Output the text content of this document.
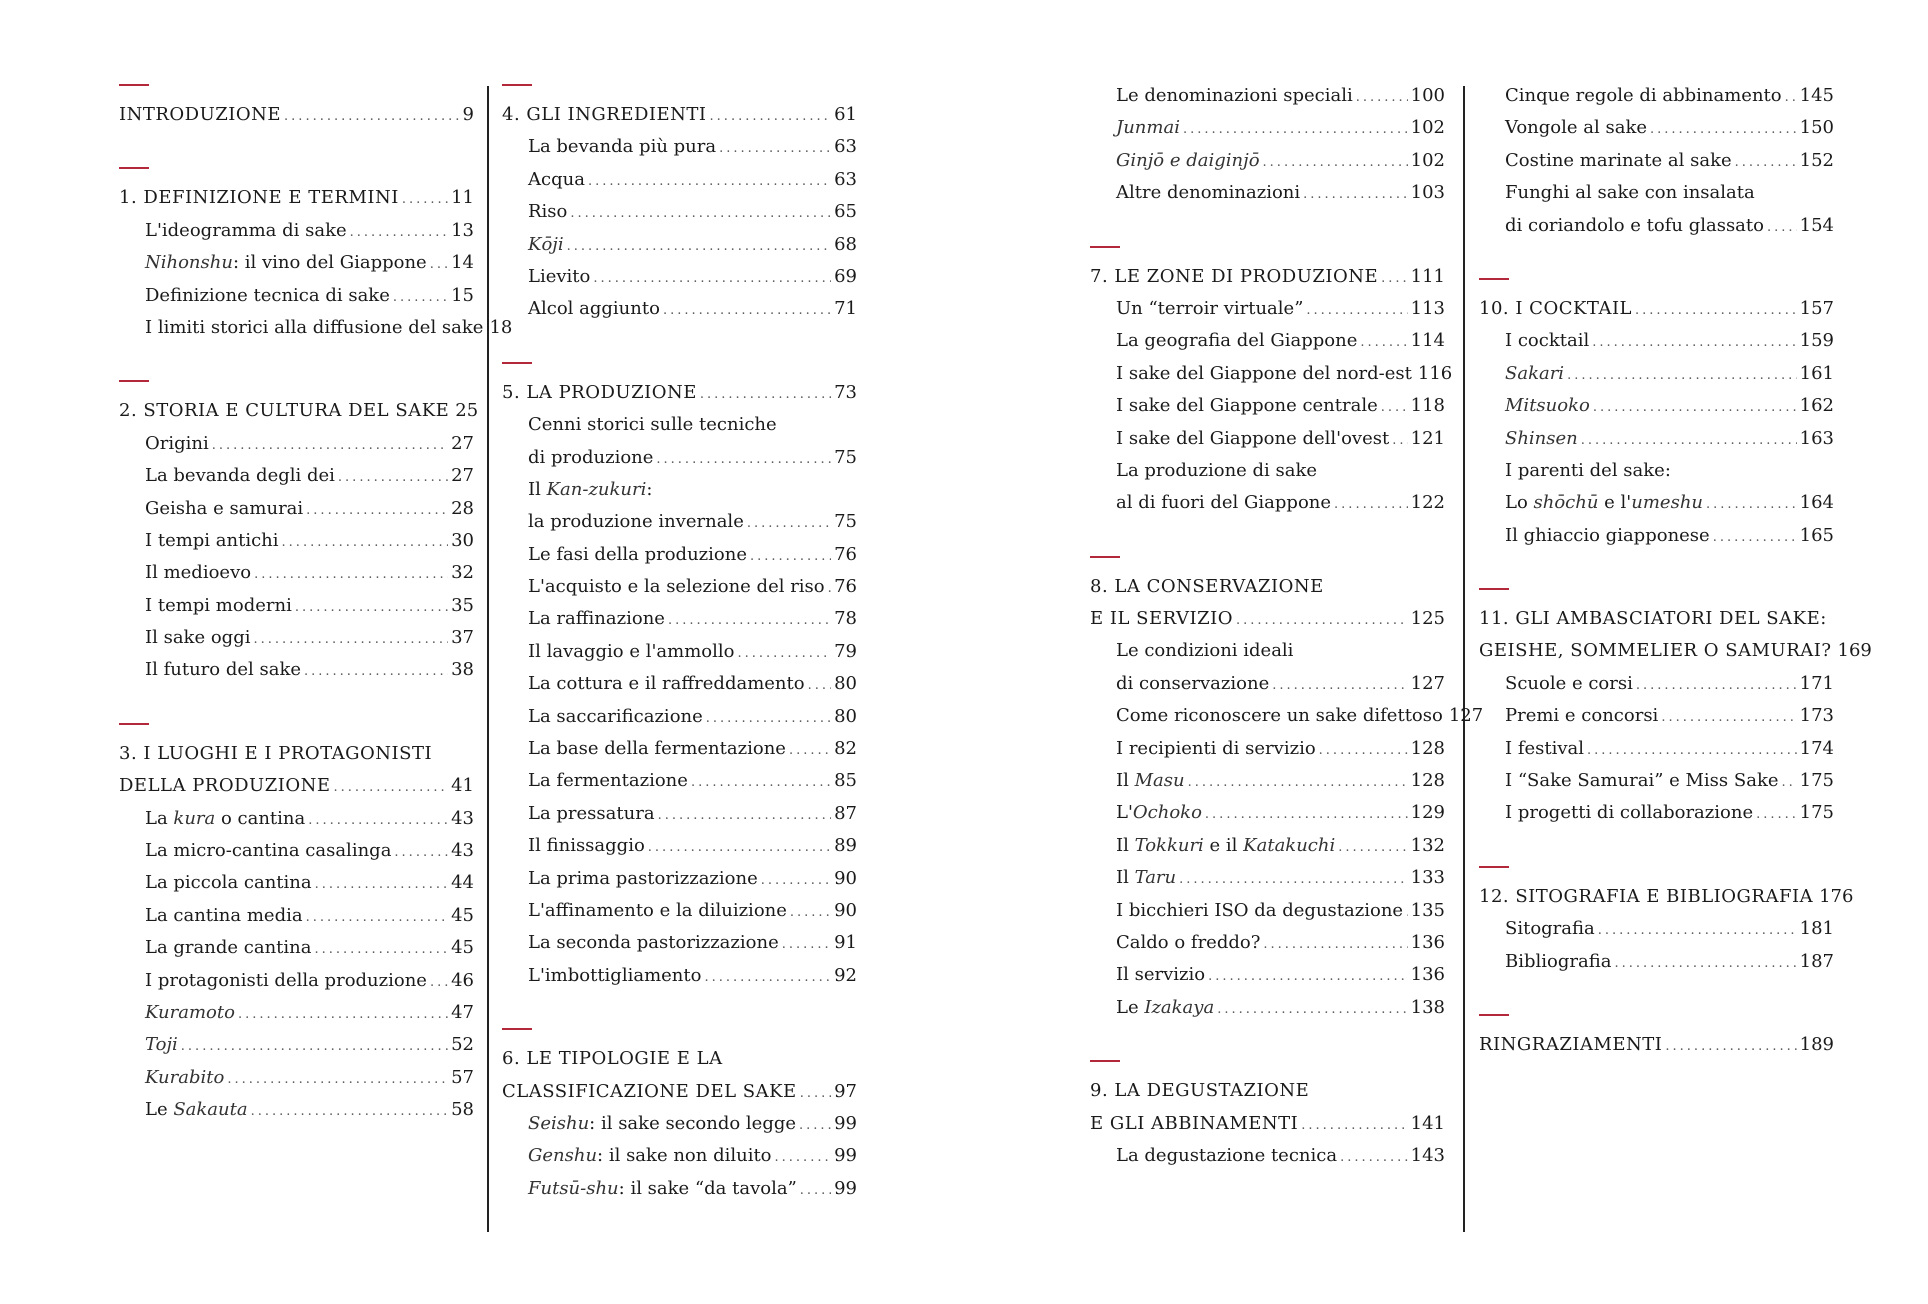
INTRODUZIONE .....	9
1. DEFINIZIONE E TERMINI .....	11
L'ideogramma di sake .....	13
Nihonshu: il vino del Giappone ..... 14
Definizione tecnica di sake .....	15
I limiti storici alla diffusione del sake 18
2. STORIA E CULTURA DEL SAKE 25
Origini .....	27
La bevanda degli dei .....	27
Geisha e samurai .....	28
I tempi antichi .....	30
Il medioevo .....	32
I tempi moderni .....	35
Il sake oggi .....	37
Il futuro del sake .....	38
3. I LUOGHI E I PROTAGONISTI
DELLA PRODUZIONE .....	41
La kura o cantina .....	43
La micro-cantina casalinga .....	43
La piccola cantina .....	44
La cantina media .....	45
La grande cantina .....	45
I protagonisti della produzione ..... 46
Kuramoto .....	47
Toji .....	52
Kurabito .....	57
Le Sakauta .....	58
4. GLI INGREDIENTI .....	61
La bevanda più pura .....	63
Acqua .....	63
Riso .....	65
Kōji .....	68
Lievito .....	69
Alcol aggiunto .....	71
5. LA PRODUZIONE .....	73
Cenni storici sulle tecniche
di produzione .....	75
Il Kan-zukuri:
la produzione invernale .....	75
Le fasi della produzione .....	76
L'acquisto e la selezione del riso ..... 76
La raffinazione .....	78
Il lavaggio e l'ammollo .....	79
La cottura e il raffreddamento ..... 80
La saccarificazione .....	80
La base della fermentazione .....	82
La fermentazione .....	85
La pressatura .....	87
Il finissaggio .....	89
La prima pastorizzazione .....	90
L'affinamento e la diluizione .....	90
La seconda pastorizzazione .....	91
L'imbottigliamento .....	92
6. LE TIPOLOGIE E LA
CLASSIFICAZIONE DEL SAKE ..... 97
Seishu: il sake secondo legge ..... 99
Genshu: il sake non diluito .....	99
Futsū-shu: il sake “da tavola” ..... 99
Le denominazioni speciali .....	100
Junmai .....	102
Ginjō e daiginjō .....	102
Altre denominazioni .....	103
7. LE ZONE DI PRODUZIONE ..... 111
Un “terroir virtuale” .....	113
La geografia del Giappone .....	114
I sake del Giappone del nord-est 116
I sake del Giappone centrale ..... 118
I sake del Giappone dell'ovest ..... 121
La produzione di sake
al di fuori del Giappone .....	122
8. LA CONSERVAZIONE
E IL SERVIZIO .....	125
Le condizioni ideali
di conservazione .....	127
Come riconoscere un sake difettoso 127
I recipienti di servizio .....	128
Il Masu .....	128
L'Ochoko .....	129
Il Tokkuri e il Katakuchi .....	132
Il Taru .....	133
I bicchieri ISO da degustazione ..... 135
Caldo o freddo? .....	136
Il servizio .....	136
Le Izakaya .....	138
9. LA DEGUSTAZIONE
E GLI ABBINAMENTI .....	141
La degustazione tecnica .....	143
Cinque regole di abbinamento ..... 145
Vongole al sake .....	150
Costine marinate al sake .....	152
Funghi al sake con insalata
di coriandolo e tofu glassato ..... 154
10. I COCKTAIL .....	157
I cocktail .....	159
Sakari .....	161
Mitsuoko .....	162
Shinsen .....	163
I parenti del sake:
Lo shōchū e l'umeshu .....	164
Il ghiaccio giapponese .....	165
11. GLI AMBASCIATORI DEL SAKE:
GEISHE, SOMMELIER O SAMURAI? 169
Scuole e corsi .....	171
Premi e concorsi .....	173
I festival .....	174
I “Sake Samurai” e Miss Sake ..... 175
I progetti di collaborazione .....	175
12. SITOGRAFIA E BIBLIOGRAFIA 176
Sitografia .....	181
Bibliografia .....	187
RINGRAZIAMENTI .....	189
